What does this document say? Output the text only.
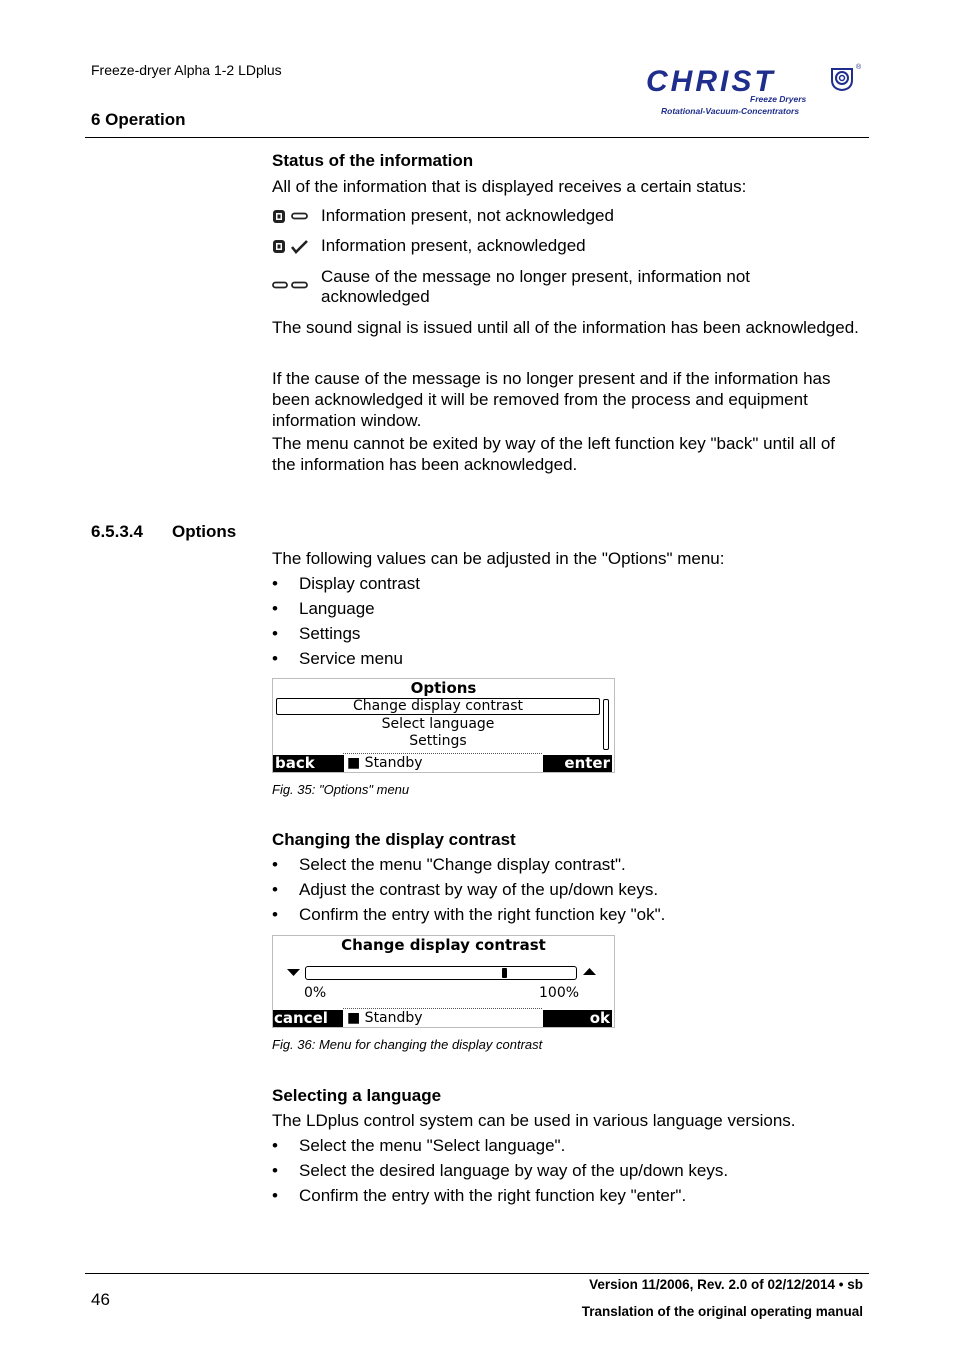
Freeze-dryer Alpha 1-2 LDplus
6 Operation
CHRIST
Freeze Dryers
Rotational-Vacuum-Concentrators
®
Status of the information
All of the information that is displayed receives a certain status:
Information present, not acknowledged
Information present, acknowledged
Cause of the message no longer present, information not acknowledged
The sound signal is issued until all of the information has been acknowledged.
If the cause of the message is no longer present and if the information has been acknowledged it will be removed from the process and equipment information window.
The menu cannot be exited by way of the left function key "back" until all of the information has been acknowledged.
6.5.3.4 Options
The following values can be adjusted in the "Options" menu:
• Display contrast
• Language
• Settings
• Service menu
Options
Change display contrast
Select language
Settings
back	■ Standby	enter
Fig. 35: "Options" menu
Changing the display contrast
• Select the menu "Change display contrast".
• Adjust the contrast by way of the up/down keys.
• Confirm the entry with the right function key "ok".
Change display contrast
0%	100%
cancel	■ Standby	ok
Fig. 36: Menu for changing the display contrast
Selecting a language
The LDplus control system can be used in various language versions.
• Select the menu "Select language".
• Select the desired language by way of the up/down keys.
• Confirm the entry with the right function key "enter".
46
Version 11/2006, Rev. 2.0 of 02/12/2014 • sb
Translation of the original operating manual
